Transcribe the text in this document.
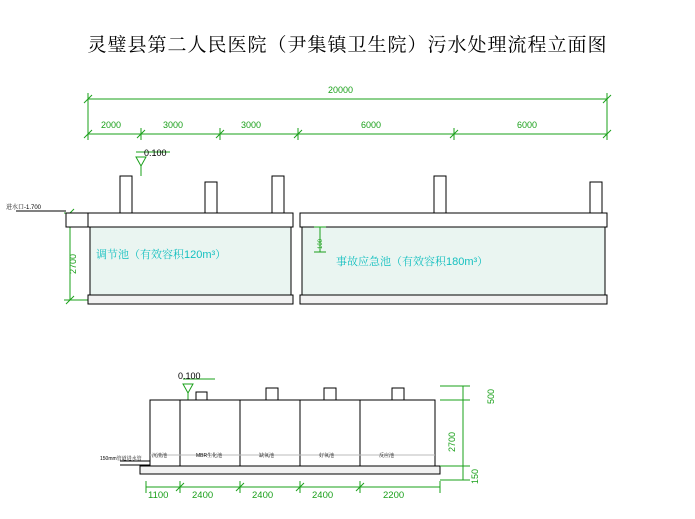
灵璧县第二人民医院（尹集镇卫生院）污水处理流程立面图
20000
2000	3000	3000	6000	6000
0.100
进水口-1.700
2700
100
调节池（有效容积120m³）
事故应急池（有效容积180m³）
0.100
150mm管道进水管 沉渣池	MBR生化池	缺氧池	好氧池	反应池
1100 2400	2400	2400	2200
500
2700
150
